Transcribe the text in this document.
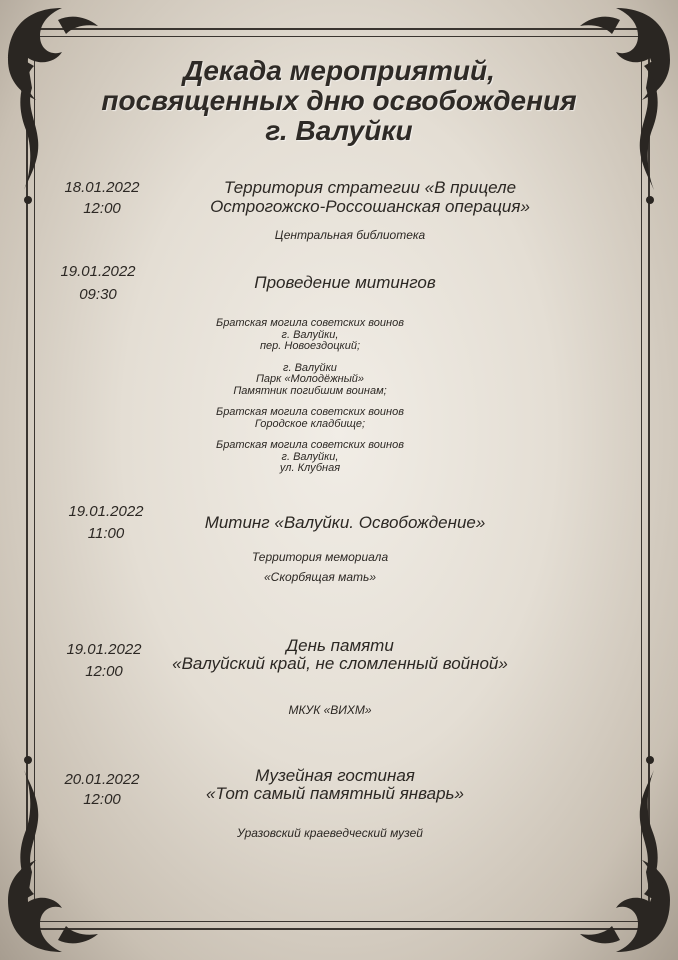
Декада мероприятий,
посвященных дню освобождения
г. Валуйки
18.01.2022
12:00
Территория стратегии «В прицеле
Острогожско-Россошанская операция»
Центральная библиотека
19.01.2022
09:30
Проведение митингов
Братская могила советских воинов
г. Валуйки,
пер. Новоездоцкий;
г. Валуйки
Парк «Молодёжный»
Памятник погибшим воинам;
Братская могила советских воинов
Городское кладбище;
Братская могила советских воинов
г. Валуйки,
ул. Клубная
19.01.2022
11:00
Митинг «Валуйки. Освобождение»
Территория мемориала
«Скорбящая мать»
19.01.2022
12:00
День памяти
«Валуйский край, не сломленный войной»
МКУК «ВИХМ»
20.01.2022
12:00
Музейная гостиная
«Тот самый памятный январь»
Уразовский краеведческий музей
